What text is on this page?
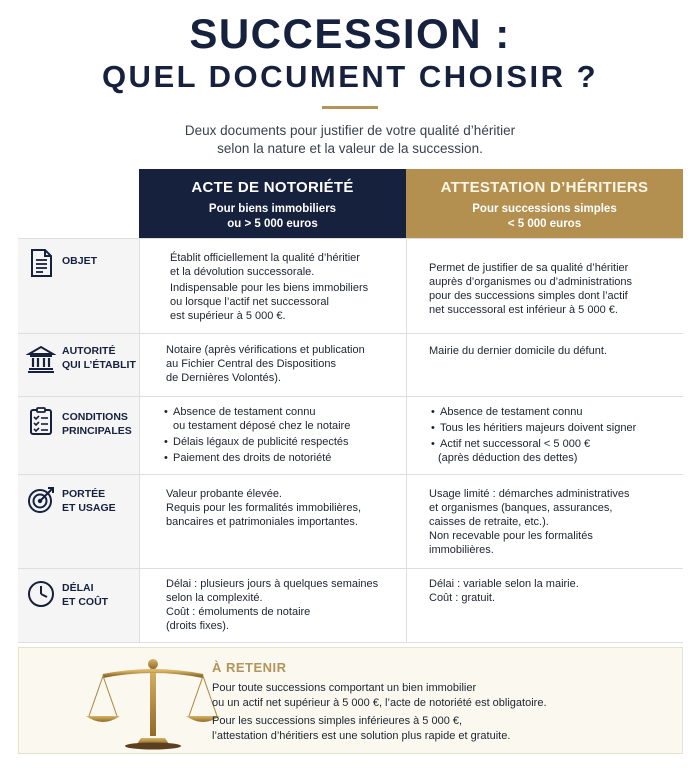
SUCCESSION :
QUEL DOCUMENT CHOISIR ?
Deux documents pour justifier de votre qualité d’héritier
selon la nature et la valeur de la succession.
ACTE DE NOTORIÉTÉ
Pour biens immobiliers
ou > 5 000 euros
ATTESTATION D’HÉRITIERS
Pour successions simples
< 5 000 euros
OBJET	Établit officiellement la qualité d’héritier

et la dévolution successorale.

Indispensable pour les biens immobiliers

ou lorsque l’actif net successoral

est supérieur à 5 000 €.

Permet de justifier de sa qualité d’héritier

auprès d’organismes ou d’administrations

pour des successions simples dont l’actif

net successoral est inférieur à 5 000 €.

AUTORITÉ
QUI L’ÉTABLIT

Notaire (après vérifications et publication

au Fichier Central des Dispositions

de Dernières Volontés).

Mairie du dernier domicile du défunt.

CONDITIONS
PRINCIPALES
• Absence de testament connu

ou testament déposé chez le notaire

• Délais légaux de publicité respectés
• Paiement des droits de notoriété
• Absence de testament connu
• Tous les héritiers majeurs doivent signer
• Actif net successoral < 5 000 €

(après déduction des dettes)

PORTÉE
ET USAGE

Valeur probante élevée.

Requis pour les formalités immobilières,

bancaires et patrimoniales importantes.

Usage limité : démarches administratives

et organismes (banques, assurances,

caisses de retraite, etc.).

Non recevable pour les formalités

immobilières.

DÉLAI
ET COÛT

Délai : plusieurs jours à quelques semaines

selon la complexité.

Coût : émoluments de notaire

(droits fixes).

Délai : variable selon la mairie.

Coût : gratuit.

À RETENIR

Pour toute successions comportant un bien immobilier
ou un actif net supérieur à 5 000 €, l’acte de notoriété est obligatoire.

Pour les successions simples inférieures à 5 000 €,
l’attestation d’héritiers est une solution plus rapide et gratuite.
